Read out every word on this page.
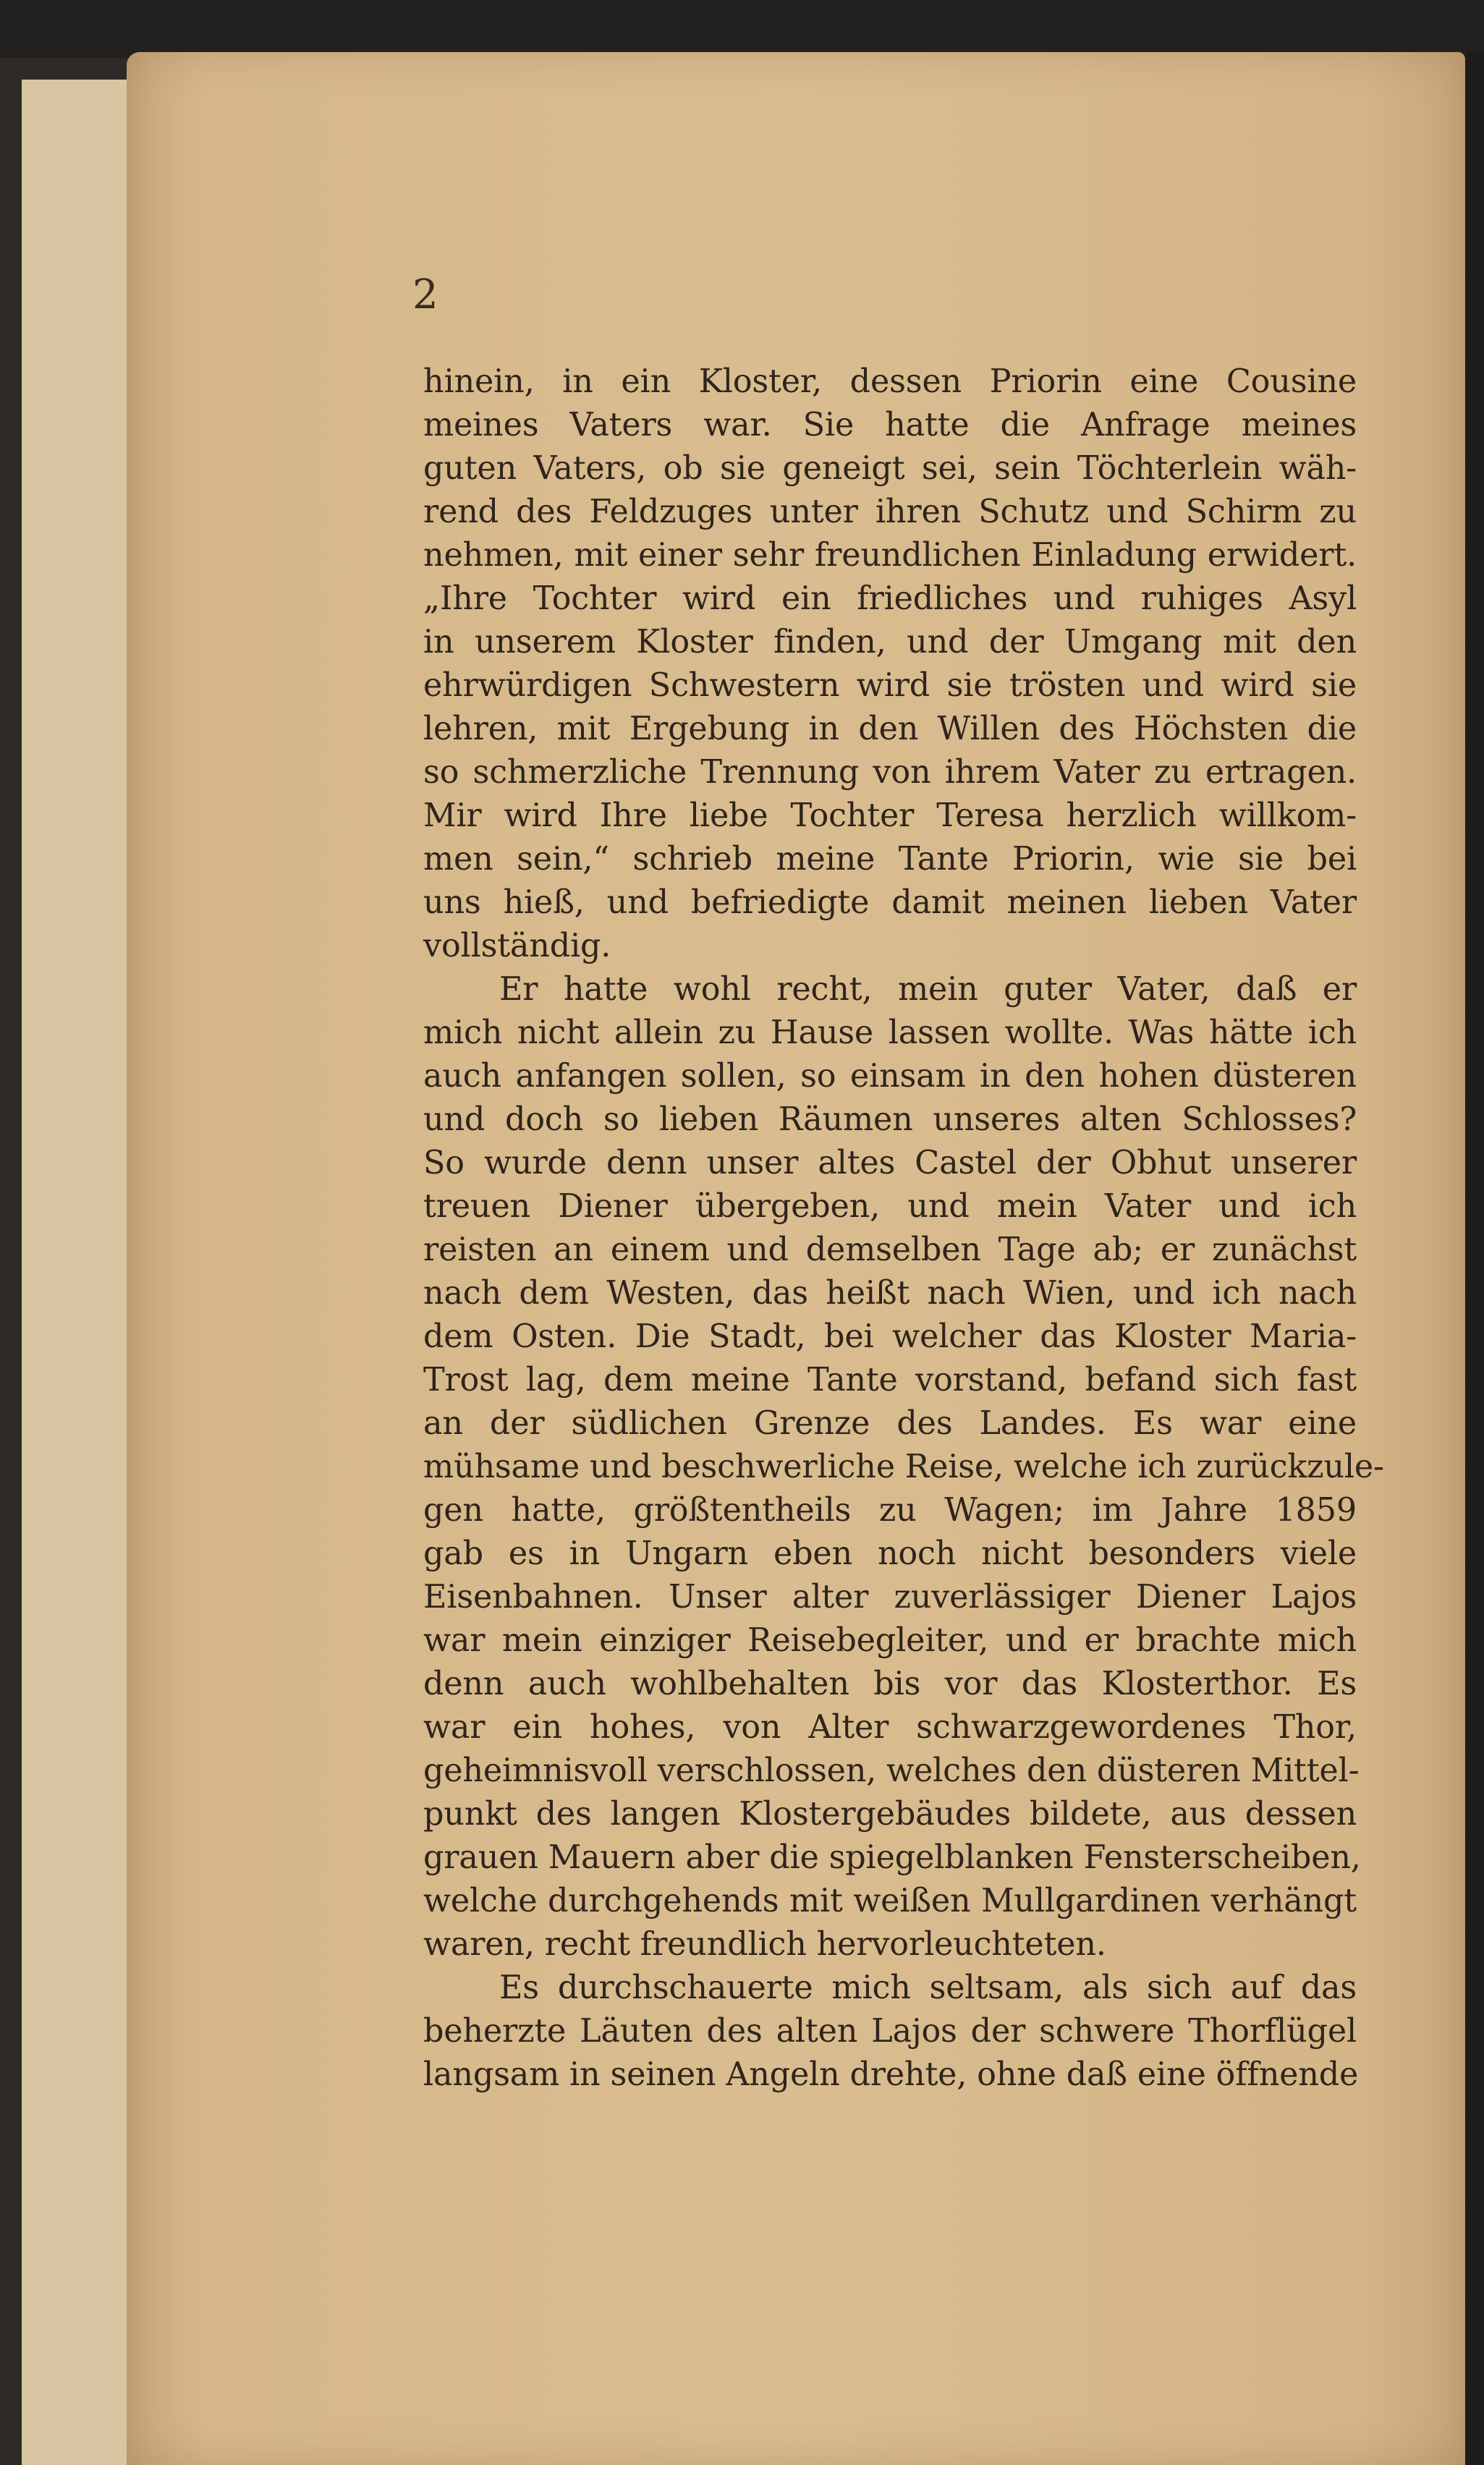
2
hinein, in ein Kloster, dessen Priorin eine Cousine
meines Vaters war. Sie hatte die Anfrage meines
guten Vaters, ob sie geneigt sei, sein Töchterlein wäh-
rend des Feldzuges unter ihren Schutz und Schirm zu
nehmen, mit einer sehr freundlichen Einladung erwidert.
„Ihre Tochter wird ein friedliches und ruhiges Asyl
in unserem Kloster finden, und der Umgang mit den
ehrwürdigen Schwestern wird sie trösten und wird sie
lehren, mit Ergebung in den Willen des Höchsten die
so schmerzliche Trennung von ihrem Vater zu ertragen.
Mir wird Ihre liebe Tochter Teresa herzlich willkom-
men sein,“ schrieb meine Tante Priorin, wie sie bei
uns hieß, und befriedigte damit meinen lieben Vater
vollständig.
Er hatte wohl recht, mein guter Vater, daß er
mich nicht allein zu Hause lassen wollte. Was hätte ich
auch anfangen sollen, so einsam in den hohen düsteren
und doch so lieben Räumen unseres alten Schlosses?
So wurde denn unser altes Castel der Obhut unserer
treuen Diener übergeben, und mein Vater und ich
reisten an einem und demselben Tage ab; er zunächst
nach dem Westen, das heißt nach Wien, und ich nach
dem Osten. Die Stadt, bei welcher das Kloster Maria-
Trost lag, dem meine Tante vorstand, befand sich fast
an der südlichen Grenze des Landes. Es war eine
mühsame und beschwerliche Reise, welche ich zurückzule-
gen hatte, größtentheils zu Wagen; im Jahre 1859
gab es in Ungarn eben noch nicht besonders viele
Eisenbahnen. Unser alter zuverlässiger Diener Lajos
war mein einziger Reisebegleiter, und er brachte mich
denn auch wohlbehalten bis vor das Klosterthor. Es
war ein hohes, von Alter schwarzgewordenes Thor,
geheimnisvoll verschlossen, welches den düsteren Mittel-
punkt des langen Klostergebäudes bildete, aus dessen
grauen Mauern aber die spiegelblanken Fensterscheiben,
welche durchgehends mit weißen Mullgardinen verhängt
waren, recht freundlich hervorleuchteten.
Es durchschauerte mich seltsam, als sich auf das
beherzte Läuten des alten Lajos der schwere Thorflügel
langsam in seinen Angeln drehte, ohne daß eine öffnende
